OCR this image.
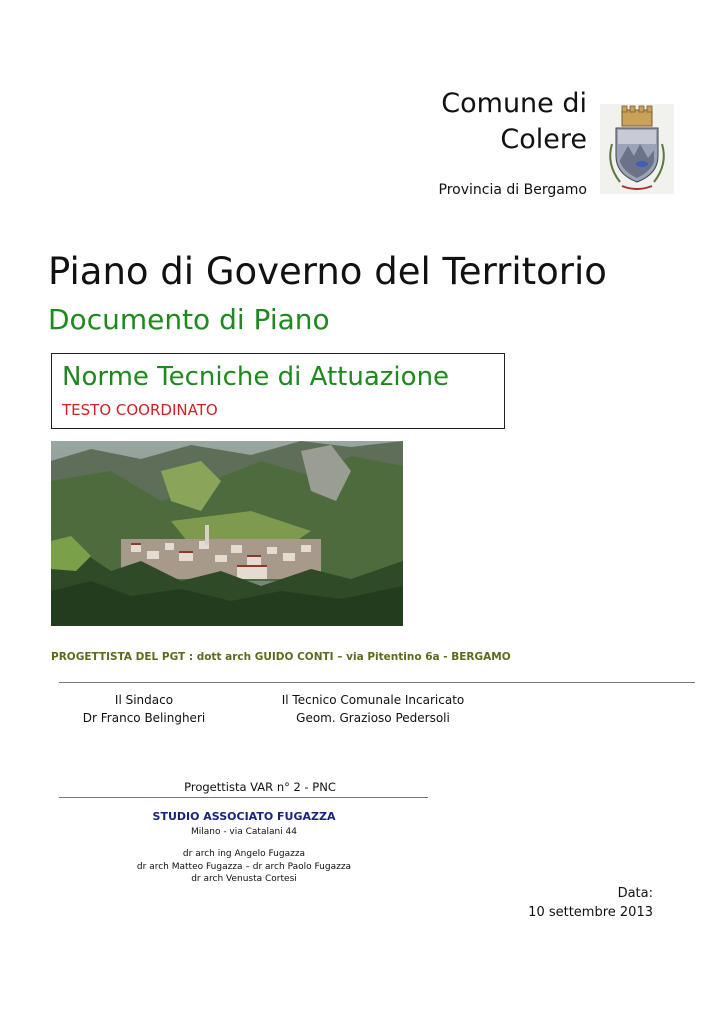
Comune di
Colere
Provincia di Bergamo
Piano di Governo del Territorio
Documento di Piano
Norme Tecniche di Attuazione
TESTO COORDINATO
PROGETTISTA DEL PGT : dott arch GUIDO CONTI – via Pitentino 6a - BERGAMO
Il Sindaco
Dr Franco Belingheri
Il Tecnico Comunale Incaricato
Geom. Grazioso Pedersoli
Progettista VAR n° 2 - PNC
STUDIO ASSOCIATO FUGAZZA
Milano - via Catalani 44
dr arch ing Angelo Fugazza
dr arch Matteo Fugazza – dr arch Paolo Fugazza
dr arch Venusta Cortesi
Data:
10 settembre 2013
